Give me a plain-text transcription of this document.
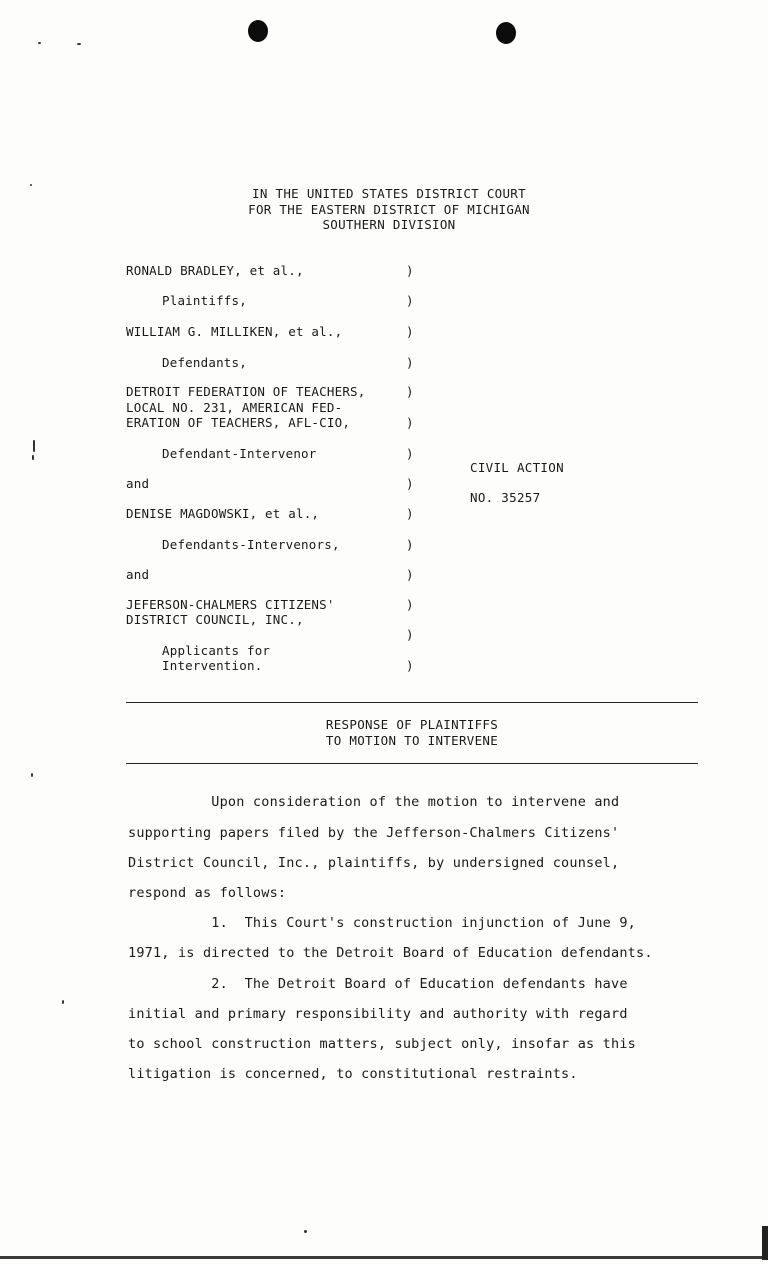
IN THE UNITED STATES DISTRICT COURT
FOR THE EASTERN DISTRICT OF MICHIGAN
SOUTHERN DIVISION
RONALD BRADLEY, et al.,
Plaintiffs,
WILLIAM G. MILLIKEN, et al.,
Defendants,
DETROIT FEDERATION OF TEACHERS,
LOCAL NO. 231, AMERICAN FED-
ERATION OF TEACHERS, AFL-CIO,
Defendant-Intervenor
and
DENISE MAGDOWSKI, et al.,
Defendants-Intervenors,
and
JEFERSON-CHALMERS CITIZENS'
DISTRICT COUNCIL, INC.,
Applicants for
Intervention.
)
)
)
)
)
)
)
)
)
)
)
)
)
)
CIVIL ACTION
NO. 35257
RESPONSE OF PLAINTIFFS
TO MOTION TO INTERVENE
Upon consideration of the motion to intervene and
supporting papers filed by the Jefferson-Chalmers Citizens'
District Council, Inc., plaintiffs, by undersigned counsel,
respond as follows:
1.  This Court's construction injunction of June 9,
1971, is directed to the Detroit Board of Education defendants.
2.  The Detroit Board of Education defendants have
initial and primary responsibility and authority with regard
to school construction matters, subject only, insofar as this
litigation is concerned, to constitutional restraints.
